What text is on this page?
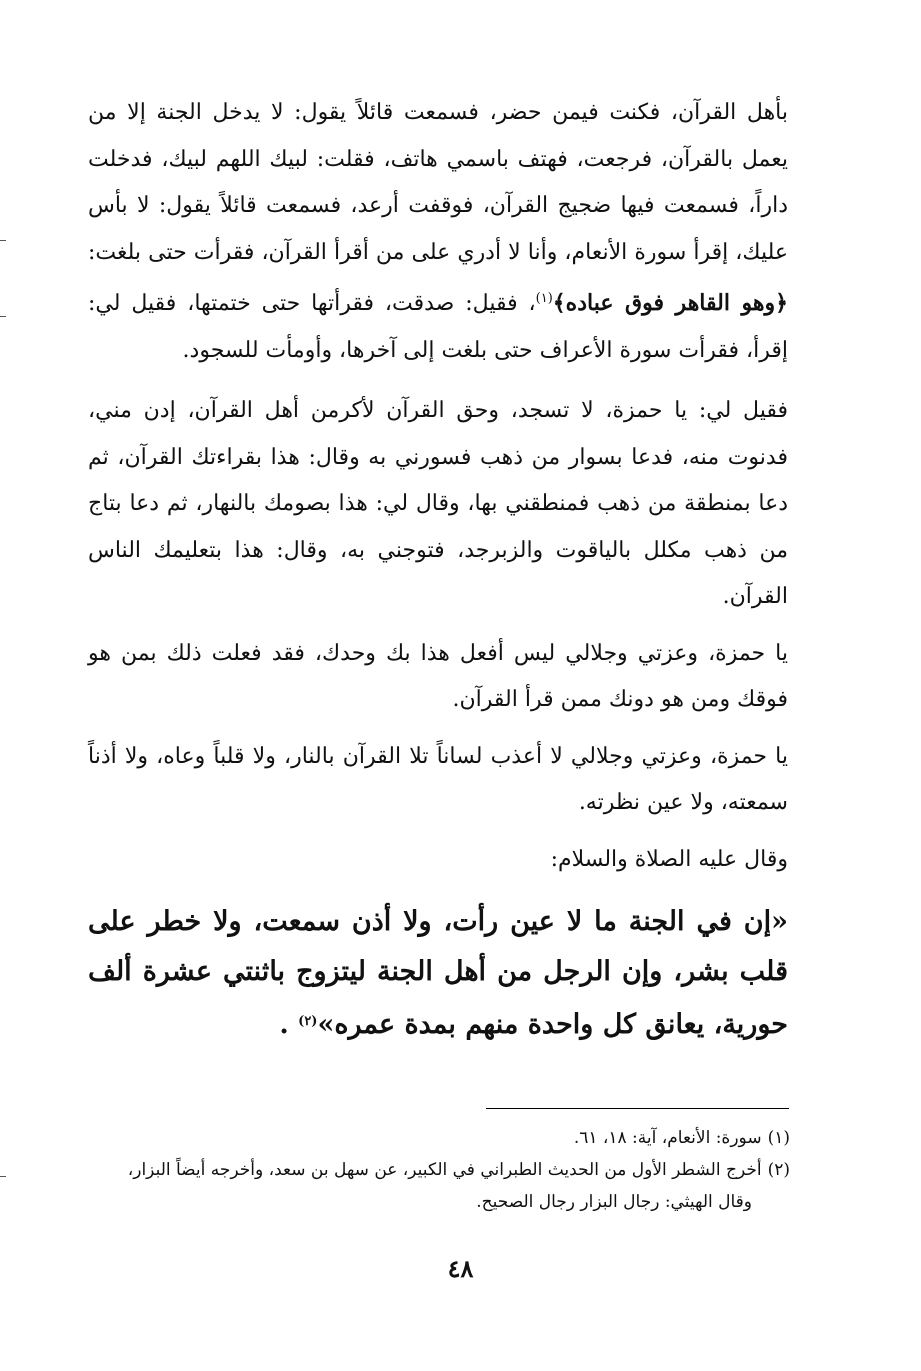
بأهل القرآن، فكنت فيمن حضر، فسمعت قائلاً يقول: لا يدخل الجنة إلا من يعمل بالقرآن، فرجعت، فهتف باسمي هاتف، فقلت: لبيك اللهم لبيك، فدخلت داراً، فسمعت فيها ضجيج القرآن، فوقفت أرعد، فسمعت قائلاً يقول: لا بأس عليك، إقرأ سورة الأنعام، وأنا لا أدري على من أقرأ القرآن، فقرأت حتى بلغت: ﴿وهو القاهر فوق عباده﴾$^{(١)}$، فقيل: صدقت، فقرأتها حتى ختمتها، فقيل لي: إقرأ، فقرأت سورة الأعراف حتى بلغت إلى آخرها، وأومأت للسجود.

فقيل لي: يا حمزة، لا تسجد، وحق القرآن لأكرمن أهل القرآن، إدن مني، فدنوت منه، فدعا بسوار من ذهب فسورني به وقال: هذا بقراءتك القرآن، ثم دعا بمنطقة من ذهب فمنطقني بها، وقال لي: هذا بصومك بالنهار، ثم دعا بتاج من ذهب مكلل بالياقوت والزبرجد، فتوجني به، وقال: هذا بتعليمك الناس القرآن.

يا حمزة، وعزتي وجلالي ليس أفعل هذا بك وحدك، فقد فعلت ذلك بمن هو فوقك ومن هو دونك ممن قرأ القرآن.

يا حمزة، وعزتي وجلالي لا أعذب لساناً تلا القرآن بالنار، ولا قلباً وعاه، ولا أذناً سمعته، ولا عين نظرته.

وقال عليه الصلاة والسلام:

«إن في الجنة ما لا عين رأت، ولا أذن سمعت، ولا خطر على قلب بشر، وإن الرجل من أهل الجنة ليتزوج باثنتي عشرة ألف حورية، يعانق كل واحدة منهم بمدة عمره»$^{(٢)}$ .

(١)سورة: الأنعام، آية: ١٨، ٦١.

(٢)أخرج الشطر الأول من الحديث الطبراني في الكبير، عن سهل بن سعد، وأخرجه أيضاً البزار،

وقال الهيثي: رجال البزار رجال الصحيح.

٤٨
